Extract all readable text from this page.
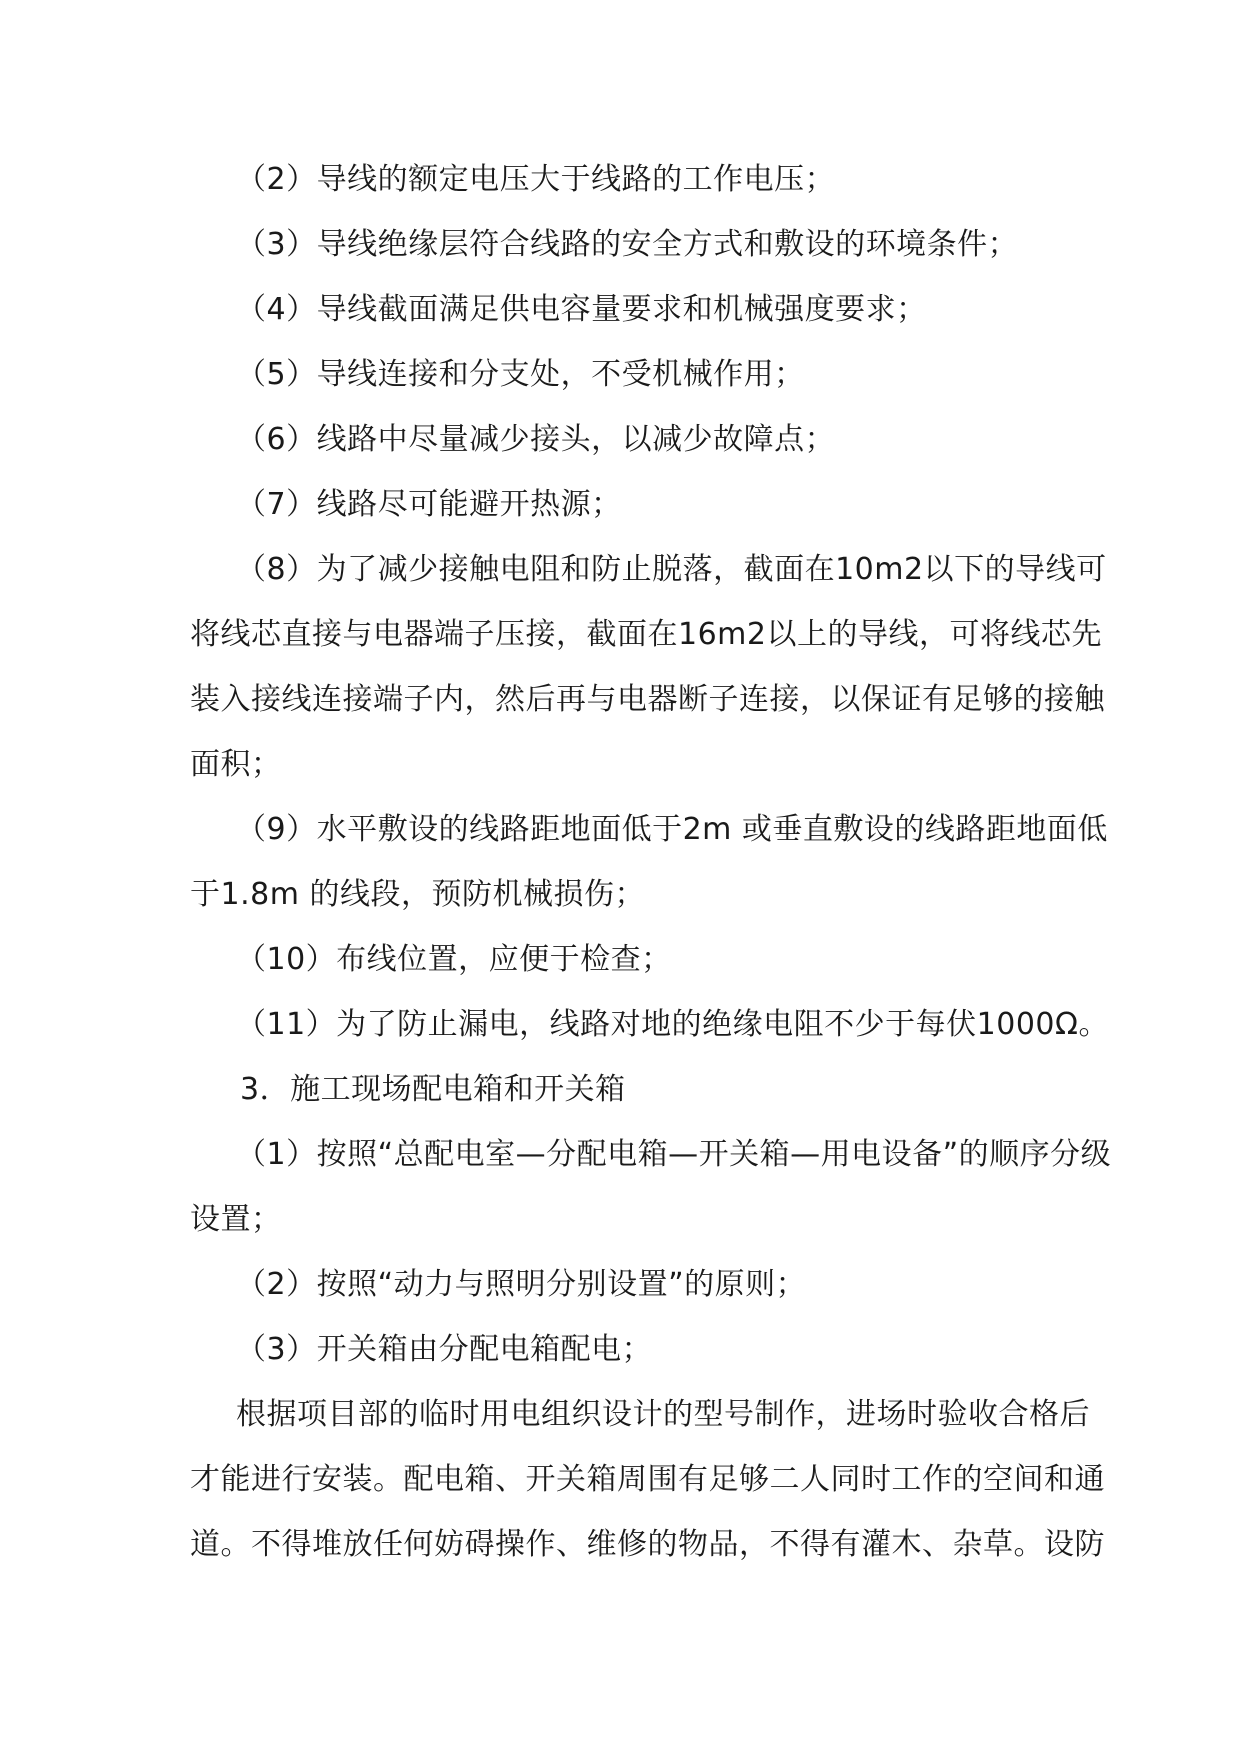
（2）导线的额定电压大于线路的工作电压；
（3）导线绝缘层符合线路的安全方式和敷设的环境条件；
（4）导线截面满足供电容量要求和机械强度要求；
（5）导线连接和分支处，不受机械作用；
（6）线路中尽量减少接头，以减少故障点；
（7）线路尽可能避开热源；
（8）为了减少接触电阻和防止脱落，截面在10m2以下的导线可
将线芯直接与电器端子压接，截面在16m2以上的导线，可将线芯先
装入接线连接端子内，然后再与电器断子连接，以保证有足够的接触
面积；
（9）水平敷设的线路距地面低于2m 或垂直敷设的线路距地面低
于1.8m 的线段，预防机械损伤；
（10）布线位置，应便于检查；
（11）为了防止漏电，线路对地的绝缘电阻不少于每伏1000Ω。
3．施工现场配电箱和开关箱
（1）按照“总配电室—分配电箱—开关箱—用电设备”的顺序分级
设置；
（2）按照“动力与照明分别设置”的原则；
（3）开关箱由分配电箱配电；
根据项目部的临时用电组织设计的型号制作，进场时验收合格后
才能进行安装。配电箱、开关箱周围有足够二人同时工作的空间和通
道。不得堆放任何妨碍操作、维修的物品，不得有灌木、杂草。设防
